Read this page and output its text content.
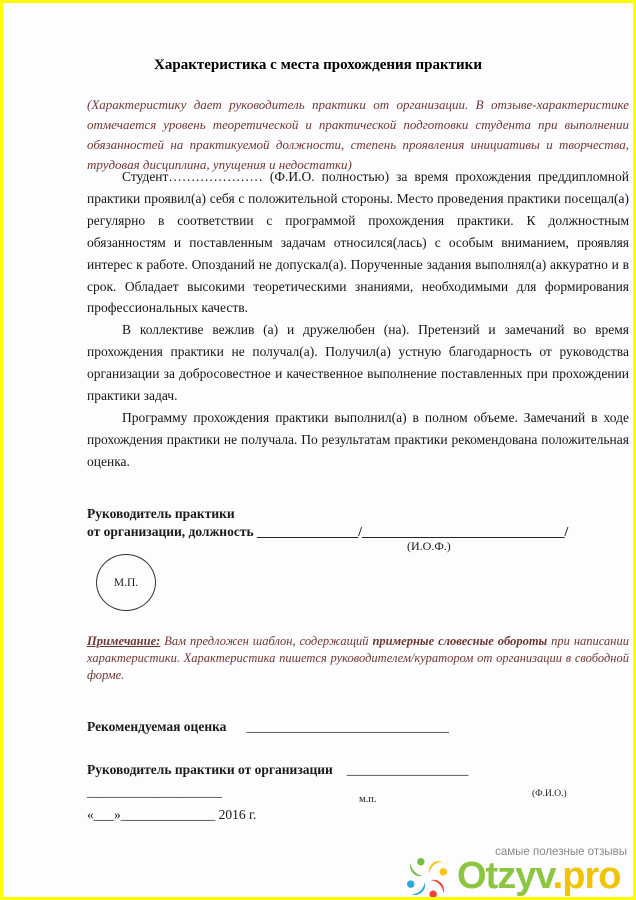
Характеристика с места прохождения практики
(Характеристику дает руководитель практики от организации. В отзыве-характеристике отмечается уровень теоретической и практической подготовки студента при выполнении обязанностей на практикуемой должности, степень проявления инициативы и творчества, трудовая дисциплина, упущения и недостатки)

Студент………………… (Ф.И.О. полностью) за время прохождения преддипломной практики проявил(а) себя с положительной стороны. Место проведения практики посещал(а) регулярно в соответствии с программой прохождения практики. К должностным обязанностям и поставленным задачам относился(лась) с особым вниманием, проявляя интерес к работе. Опозданий не допускал(а). Порученные задания выполнял(а) аккуратно и в срок. Обладает высокими теоретическими знаниями, необходимыми для формирования профессиональных качеств.

В коллективе вежлив (а) и дружелюбен (на). Претензий и замечаний во время прохождения практики не получал(а). Получил(а) устную благодарность от руководства организации за добросовестное и качественное выполнение поставленных при прохождении практики задач.

Программу прохождения практики выполнил(а) в полном объеме. Замечаний в ходе прохождения практики не получала. По результатам практики рекомендована положительная оценка.

Руководитель практики
от организации, должность _______________/______________________________/
(И.О.Ф.)
М.П.
Примечание: Вам предложен шаблон, содержащий примерные словесные обороты при написании характеристики. Характеристика пишется руководителем/куратором от организации в свободной форме.
Рекомендуемая оценка ______________________________
Руководитель практики от организации __________________
____________________
м.п.	(Ф.И.О.)
«___»______________ 2016 г.
самые полезные отзывы
Otzyv.pro
